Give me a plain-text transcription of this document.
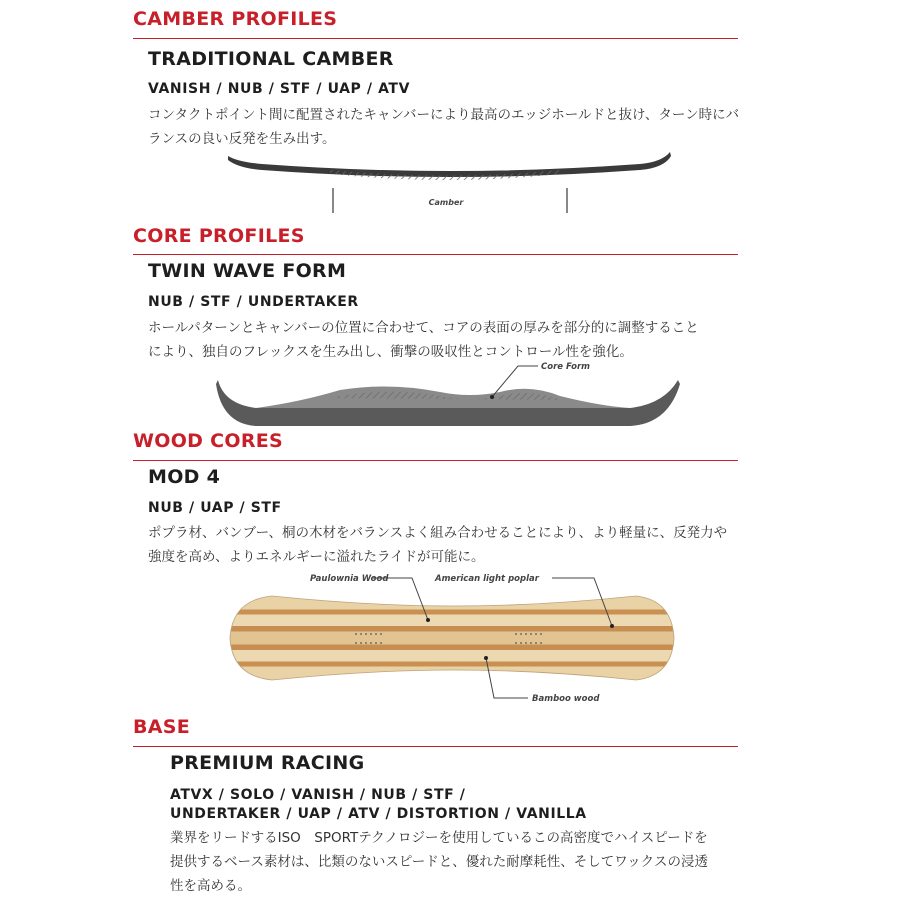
CAMBER PROFILES
TRADITIONAL CAMBER
VANISH / NUB / STF / UAP / ATV
コンタクトポイント間に配置されたキャンバーにより最高のエッジホールドと抜け、ターン時にバ
ランスの良い反発を生み出す。
Camber
Core Form
Paulownia Wood	American light poplar
Bamboo wood
CORE PROFILES
TWIN WAVE FORM
NUB / STF / UNDERTAKER
ホールパターンとキャンバーの位置に合わせて、コアの表面の厚みを部分的に調整すること
により、独自のフレックスを生み出し、衝撃の吸収性とコントロール性を強化。
WOOD CORES
MOD 4
NUB / UAP / STF
ポプラ材、バンブー、桐の木材をバランスよく組み合わせることにより、より軽量に、反発力や
強度を高め、よりエネルギーに溢れたライドが可能に。
BASE
PREMIUM RACING
ATVX / SOLO / VANISH / NUB / STF /
UNDERTAKER / UAP / ATV / DISTORTION / VANILLA
業界をリードするISO　SPORTテクノロジーを使用しているこの高密度でハイスピードを
提供するベース素材は、比類のないスピードと、優れた耐摩耗性、そしてワックスの浸透
性を高める。
